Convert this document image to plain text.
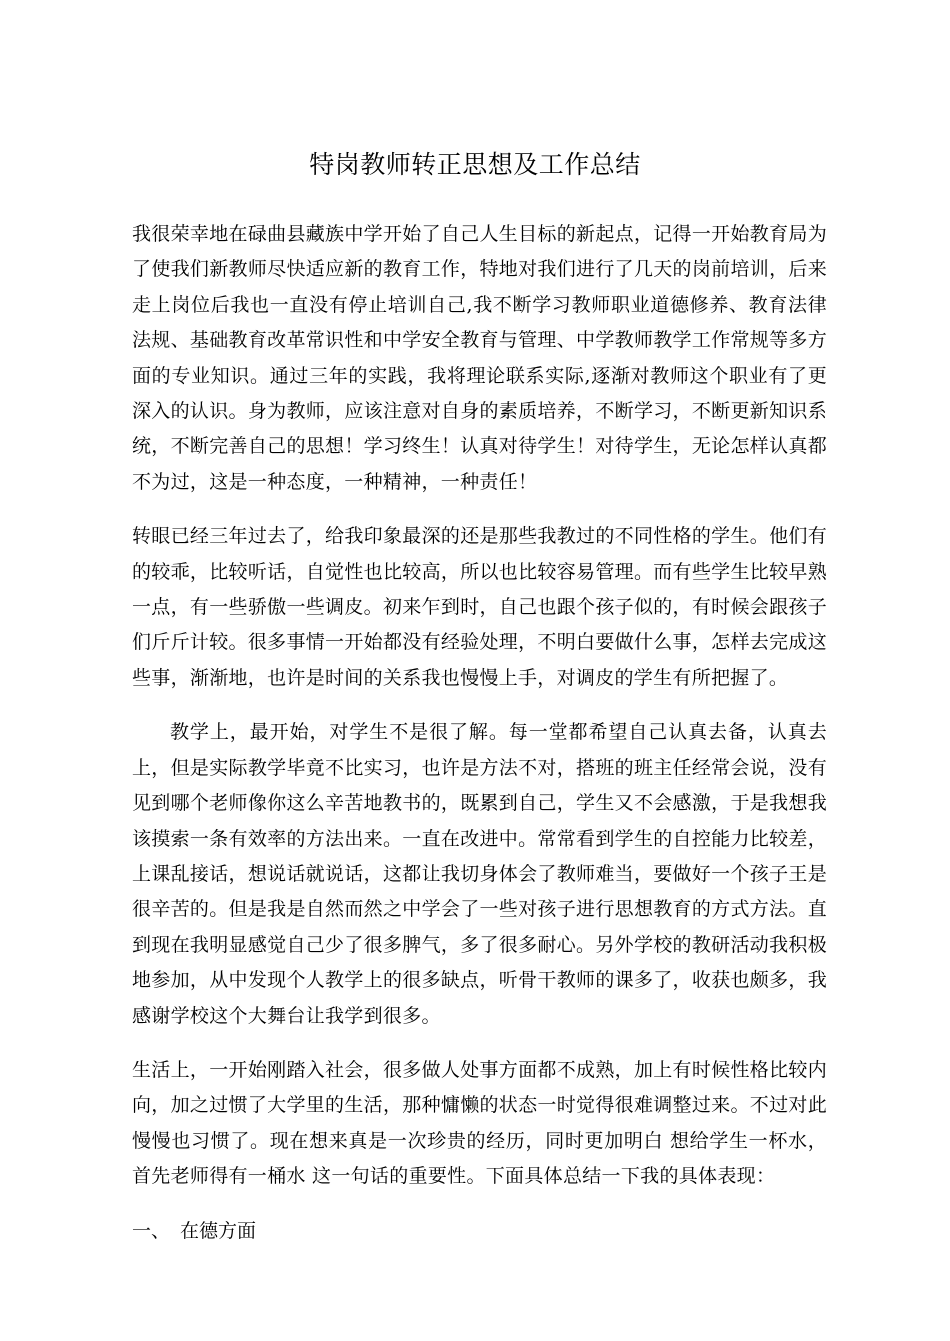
特岗教师转正思想及工作总结

我很荣幸地在碌曲县藏族中学开始了自己人生目标的新起点，记得一开始教育局为了使我们新教师尽快适应新的教育工作，特地对我们进行了几天的岗前培训，后来走上岗位后我也一直没有停止培训自己,我不断学习教师职业道德修养、教育法律法规、基础教育改革常识性和中学安全教育与管理、中学教师教学工作常规等多方面的专业知识。通过三年的实践，我将理论联系实际,逐渐对教师这个职业有了更深入的认识。身为教师，应该注意对自身的素质培养，不断学习，不断更新知识系统，不断完善自己的思想！学习终生！认真对待学生！对待学生，无论怎样认真都不为过，这是一种态度，一种精神，一种责任！

转眼已经三年过去了，给我印象最深的还是那些我教过的不同性格的学生。他们有的较乖，比较听话，自觉性也比较高，所以也比较容易管理。而有些学生比较早熟一点，有一些骄傲一些调皮。初来乍到时，自己也跟个孩子似的，有时候会跟孩子们斤斤计较。很多事情一开始都没有经验处理，不明白要做什么事，怎样去完成这些事，渐渐地，也许是时间的关系我也慢慢上手，对调皮的学生有所把握了。

教学上，最开始，对学生不是很了解。每一堂都希望自己认真去备，认真去上，但是实际教学毕竟不比实习，也许是方法不对，搭班的班主任经常会说，没有见到哪个老师像你这么辛苦地教书的，既累到自己，学生又不会感激，于是我想我该摸索一条有效率的方法出来。一直在改进中。常常看到学生的自控能力比较差，上课乱接话，想说话就说话，这都让我切身体会了教师难当，要做好一个孩子王是很辛苦的。但是我是自然而然之中学会了一些对孩子进行思想教育的方式方法。直到现在我明显感觉自己少了很多脾气，多了很多耐心。另外学校的教研活动我积极地参加，从中发现个人教学上的很多缺点，听骨干教师的课多了，收获也颇多，我感谢学校这个大舞台让我学到很多。

生活上，一开始刚踏入社会，很多做人处事方面都不成熟，加上有时候性格比较内向，加之过惯了大学里的生活，那种慵懒的状态一时觉得很难调整过来。不过对此慢慢也习惯了。现在想来真是一次珍贵的经历，同时更加明白 想给学生一杯水，首先老师得有一桶水 这一句话的重要性。下面具体总结一下我的具体表现：

一、 在德方面
